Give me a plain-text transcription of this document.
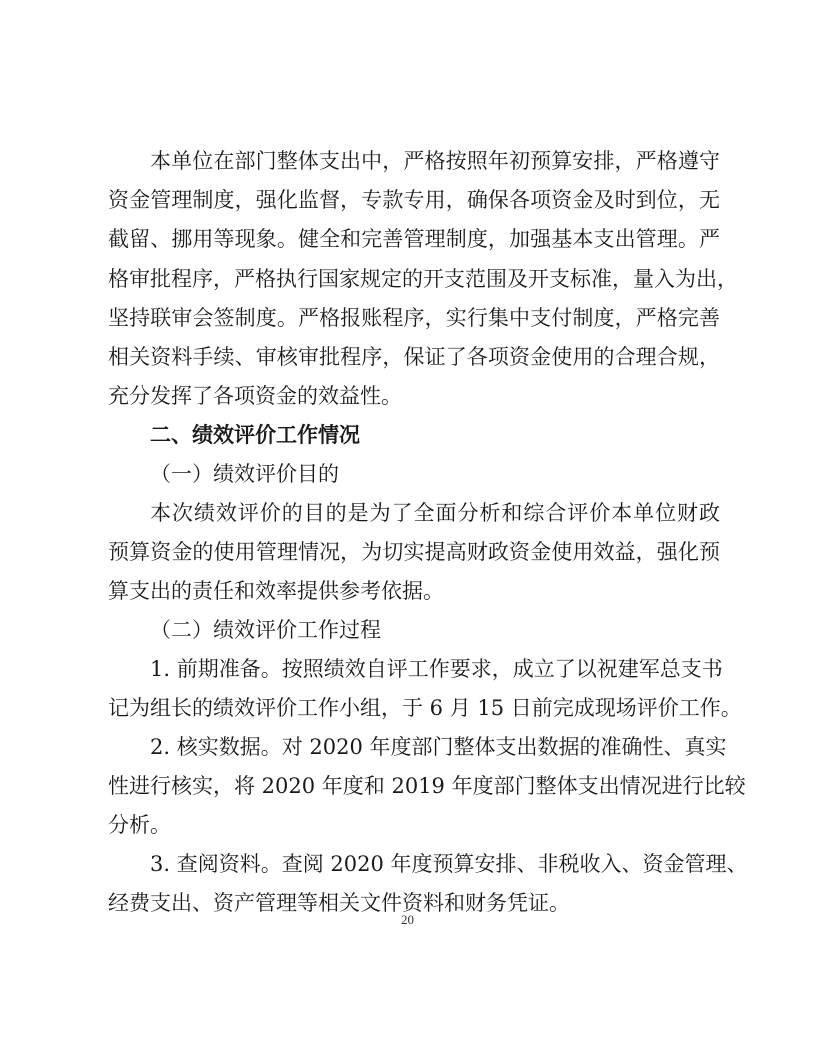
本单位在部门整体支出中，严格按照年初预算安排，严格遵守
资金管理制度，强化监督，专款专用，确保各项资金及时到位，无
截留、挪用等现象。健全和完善管理制度，加强基本支出管理。严
格审批程序，严格执行国家规定的开支范围及开支标准，量入为出，
坚持联审会签制度。严格报账程序，实行集中支付制度，严格完善
相关资料手续、审核审批程序，保证了各项资金使用的合理合规，
充分发挥了各项资金的效益性。
二、绩效评价工作情况
（一）绩效评价目的
本次绩效评价的目的是为了全面分析和综合评价本单位财政
预算资金的使用管理情况，为切实提高财政资金使用效益，强化预
算支出的责任和效率提供参考依据。
（二）绩效评价工作过程
1. 前期准备。按照绩效自评工作要求，成立了以祝建军总支书
记为组长的绩效评价工作小组，于 6 月 15 日前完成现场评价工作。
2. 核实数据。对 2020 年度部门整体支出数据的准确性、真实
性进行核实，将 2020 年度和 2019 年度部门整体支出情况进行比较
分析。
3. 查阅资料。查阅 2020 年度预算安排、非税收入、资金管理、
经费支出、资产管理等相关文件资料和财务凭证。
20
